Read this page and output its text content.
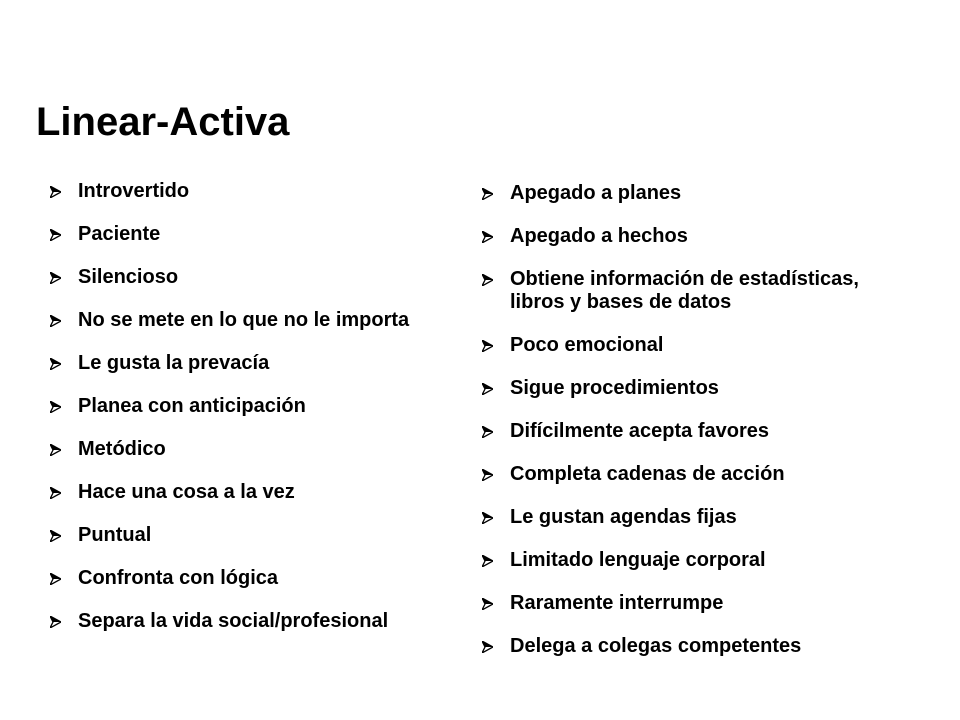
Linear-Activa
Introvertido
Paciente
Silencioso
No se mete en lo que no le importa
Le gusta la prevacía
Planea con anticipación
Metódico
Hace una cosa a la vez
Puntual
Confronta con lógica
Separa la vida social/profesional
Apegado a planes
Apegado a hechos
Obtiene información de estadísticas, libros y bases de datos
Poco emocional
Sigue procedimientos
Difícilmente acepta favores
Completa cadenas de acción
Le gustan agendas fijas
Limitado lenguaje corporal
Raramente interrumpe
Delega a colegas competentes
